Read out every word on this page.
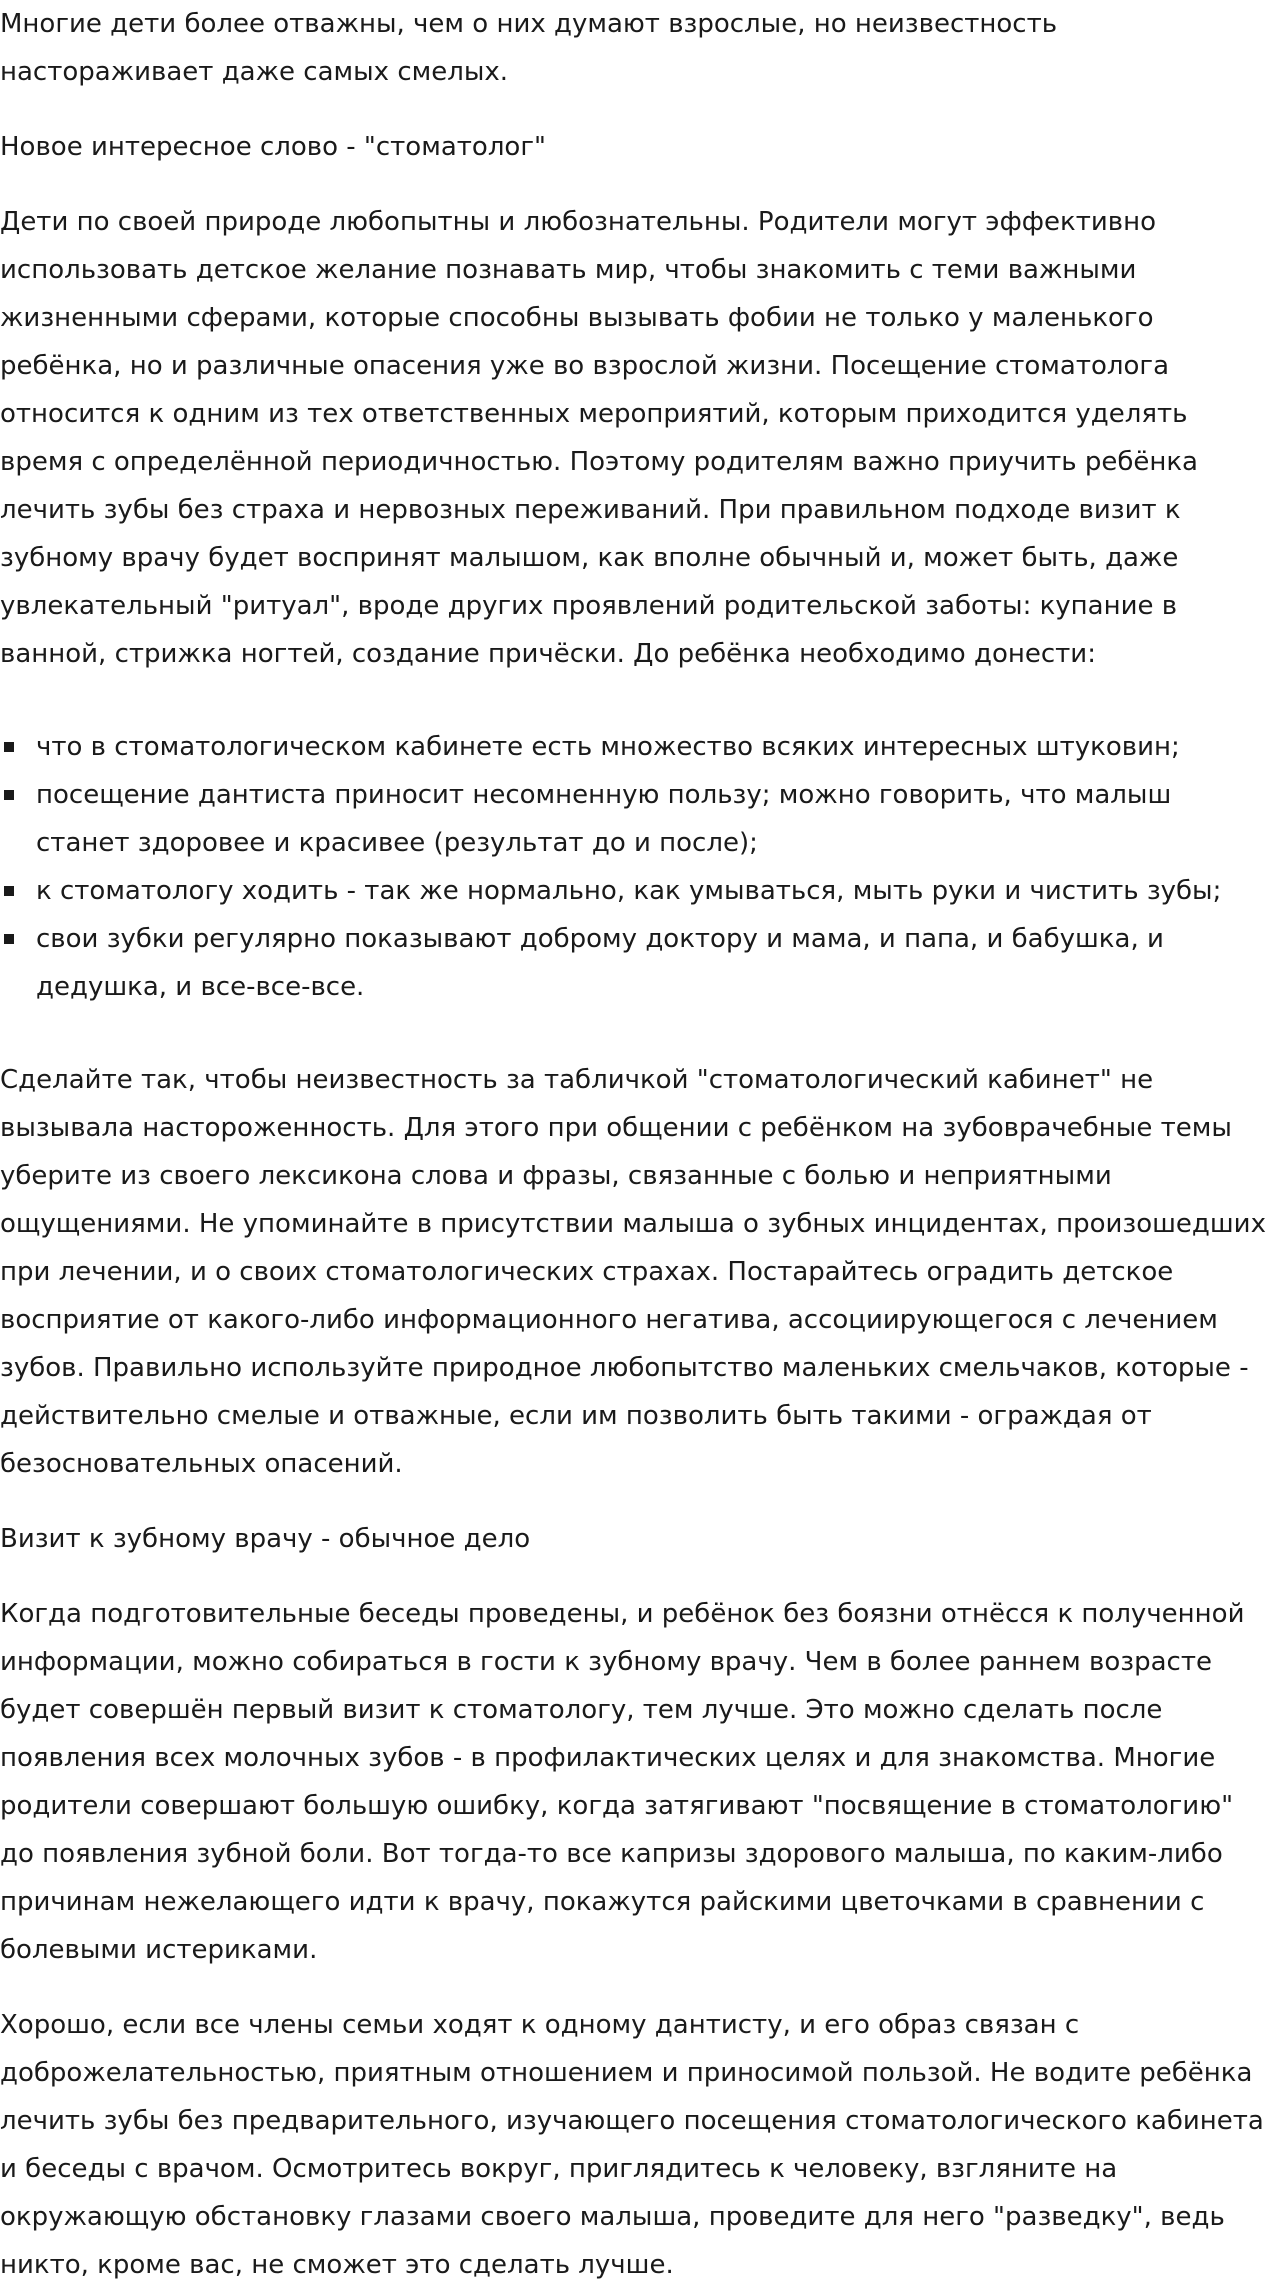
Многие дети более отважны, чем о них думают взрослые, но неизвестность настораживает даже самых смелых.

Новое интересное слово - "стоматолог"

Дети по своей природе любопытны и любознательны. Родители могут эффективно использовать детское желание познавать мир, чтобы знакомить с теми важными жизненными сферами, которые способны вызывать фобии не только у маленького ребёнка, но и различные опасения уже во взрослой жизни. Посещение стоматолога относится к одним из тех ответственных мероприятий, которым приходится уделять время с определённой периодичностью. Поэтому родителям важно приучить ребёнка лечить зубы без страха и нервозных переживаний. При правильном подходе визит к зубному врачу будет воспринят малышом, как вполне обычный и, может быть, даже увлекательный "ритуал", вроде других проявлений родительской заботы: купание в ванной, стрижка ногтей, создание причёски. До ребёнка необходимо донести:

что в стоматологическом кабинете есть множество всяких интересных штуковин;
посещение дантиста приносит несомненную пользу; можно говорить, что малыш станет здоровее и красивее (результат до и после);
к стоматологу ходить - так же нормально, как умываться, мыть руки и чистить зубы;
свои зубки регулярно показывают доброму доктору и мама, и папа, и бабушка, и дедушка, и все-все-все.

Сделайте так, чтобы неизвестность за табличкой "стоматологический кабинет" не вызывала настороженность. Для этого при общении с ребёнком на зубоврачебные темы уберите из своего лексикона слова и фразы, связанные с болью и неприятными ощущениями. Не упоминайте в присутствии малыша о зубных инцидентах, произошедших при лечении, и о своих стоматологических страхах. Постарайтесь оградить детское восприятие от какого-либо информационного негатива, ассоциирующегося с лечением зубов. Правильно используйте природное любопытство маленьких смельчаков, которые - действительно смелые и отважные, если им позволить быть такими - ограждая от безосновательных опасений.

Визит к зубному врачу - обычное дело

Когда подготовительные беседы проведены, и ребёнок без боязни отнёсся к полученной информации, можно собираться в гости к зубному врачу. Чем в более раннем возрасте будет совершён первый визит к стоматологу, тем лучше. Это можно сделать после появления всех молочных зубов - в профилактических целях и для знакомства. Многие родители совершают большую ошибку, когда затягивают "посвящение в стоматологию" до появления зубной боли. Вот тогда-то все капризы здорового малыша, по каким-либо причинам нежелающего идти к врачу, покажутся райскими цветочками в сравнении с болевыми истериками.

Хорошо, если все члены семьи ходят к одному дантисту, и его образ связан с доброжелательностью, приятным отношением и приносимой пользой. Не водите ребёнка лечить зубы без предварительного, изучающего посещения стоматологического кабинета и беседы с врачом. Осмотритесь вокруг, приглядитесь к человеку, взгляните на окружающую обстановку глазами своего малыша, проведите для него "разведку", ведь никто, кроме вас, не сможет это сделать лучше.
